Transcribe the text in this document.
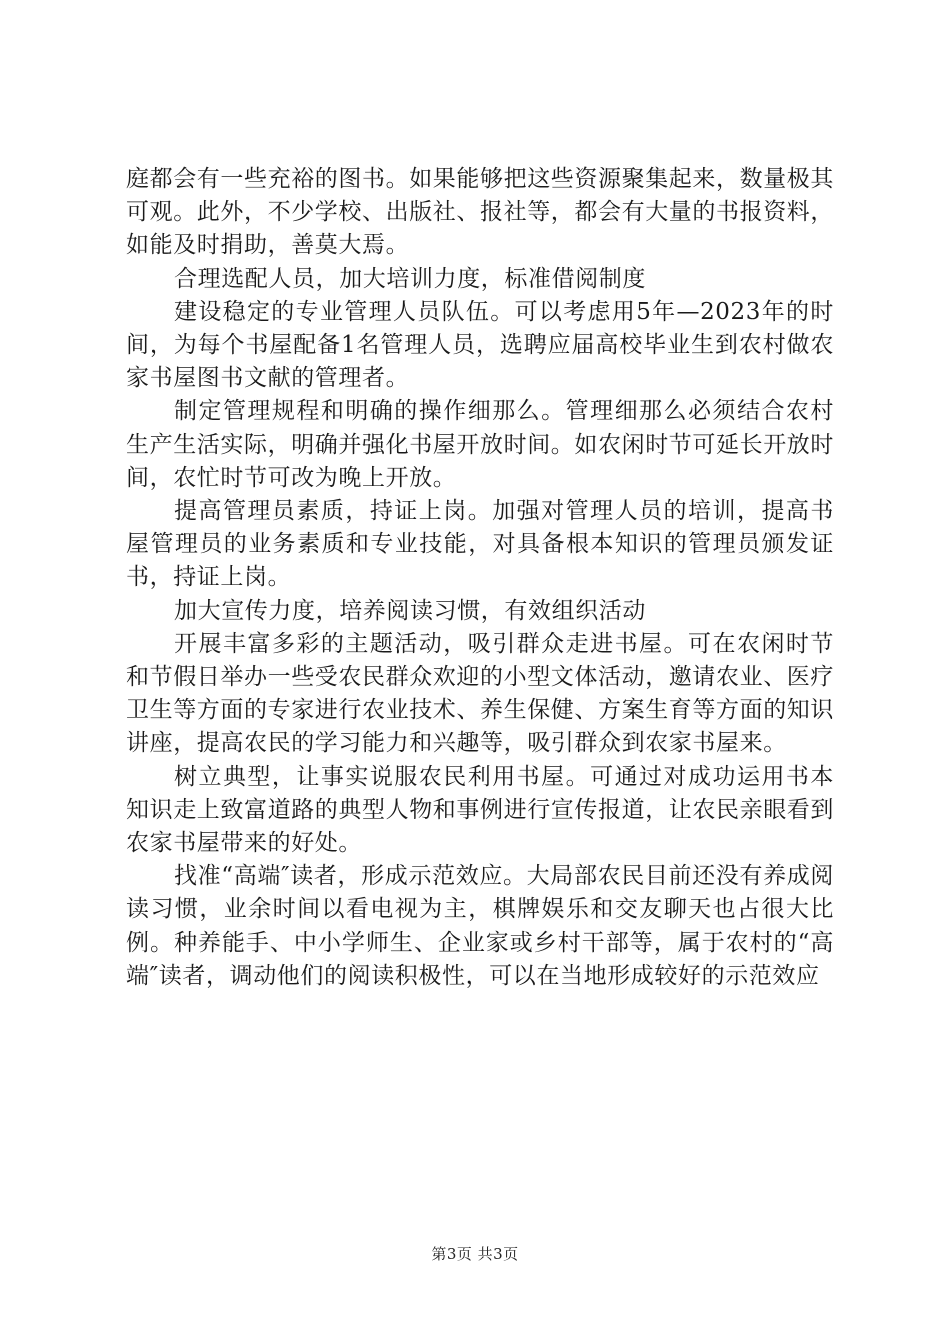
庭都会有一些充裕的图书。如果能够把这些资源聚集起来，数量极其可观。此外，不少学校、出版社、报社等，都会有大量的书报资料，如能及时捐助，善莫大焉。

合理选配人员，加大培训力度，标准借阅制度

建设稳定的专业管理人员队伍。可以考虑用5年—2023年的时间，为每个书屋配备1名管理人员，选聘应届高校毕业生到农村做农家书屋图书文献的管理者。

制定管理规程和明确的操作细那么。管理细那么必须结合农村生产生活实际，明确并强化书屋开放时间。如农闲时节可延长开放时间，农忙时节可改为晚上开放。

提高管理员素质，持证上岗。加强对管理人员的培训，提高书屋管理员的业务素质和专业技能，对具备根本知识的管理员颁发证书，持证上岗。

加大宣传力度，培养阅读习惯，有效组织活动

开展丰富多彩的主题活动，吸引群众走进书屋。可在农闲时节和节假日举办一些受农民群众欢迎的小型文体活动，邀请农业、医疗卫生等方面的专家进行农业技术、养生保健、方案生育等方面的知识讲座，提高农民的学习能力和兴趣等，吸引群众到农家书屋来。

树立典型，让事实说服农民利用书屋。可通过对成功运用书本知识走上致富道路的典型人物和事例进行宣传报道，让农民亲眼看到农家书屋带来的好处。

找准“高端″读者，形成示范效应。大局部农民目前还没有养成阅读习惯，业余时间以看电视为主，棋牌娱乐和交友聊天也占很大比例。种养能手、中小学师生、企业家或乡村干部等，属于农村的“高端″读者，调动他们的阅读积极性，可以在当地形成较好的示范效应

第3页 共3页
